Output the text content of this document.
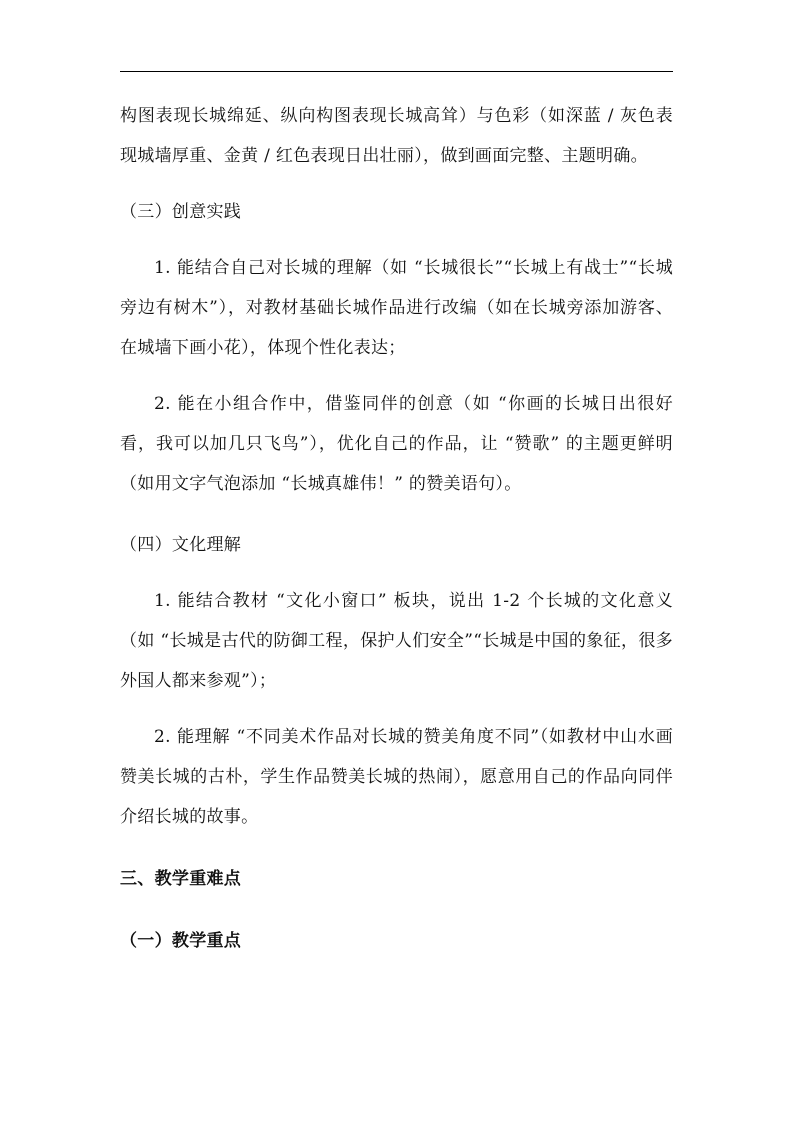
构图表现长城绵延、纵向构图表现长城高耸）与色彩（如深蓝 / 灰色表现城墙厚重、金黄 / 红色表现日出壮丽），做到画面完整、主题明确。

（三）创意实践

1. 能结合自己对长城的理解（如 “长城很长”“长城上有战士”“长城旁边有树木”），对教材基础长城作品进行改编（如在长城旁添加游客、在城墙下画小花），体现个性化表达；

2. 能在小组合作中，借鉴同伴的创意（如 “你画的长城日出很好看，我可以加几只飞鸟”），优化自己的作品，让 “赞歌” 的主题更鲜明（如用文字气泡添加 “长城真雄伟！” 的赞美语句）。

（四）文化理解

1. 能结合教材 “文化小窗口” 板块，说出 1-2 个长城的文化意义（如 “长城是古代的防御工程，保护人们安全”“长城是中国的象征，很多外国人都来参观”）；

2. 能理解 “不同美术作品对长城的赞美角度不同”（如教材中山水画赞美长城的古朴，学生作品赞美长城的热闹），愿意用自己的作品向同伴介绍长城的故事。

三、教学重难点

（一）教学重点
